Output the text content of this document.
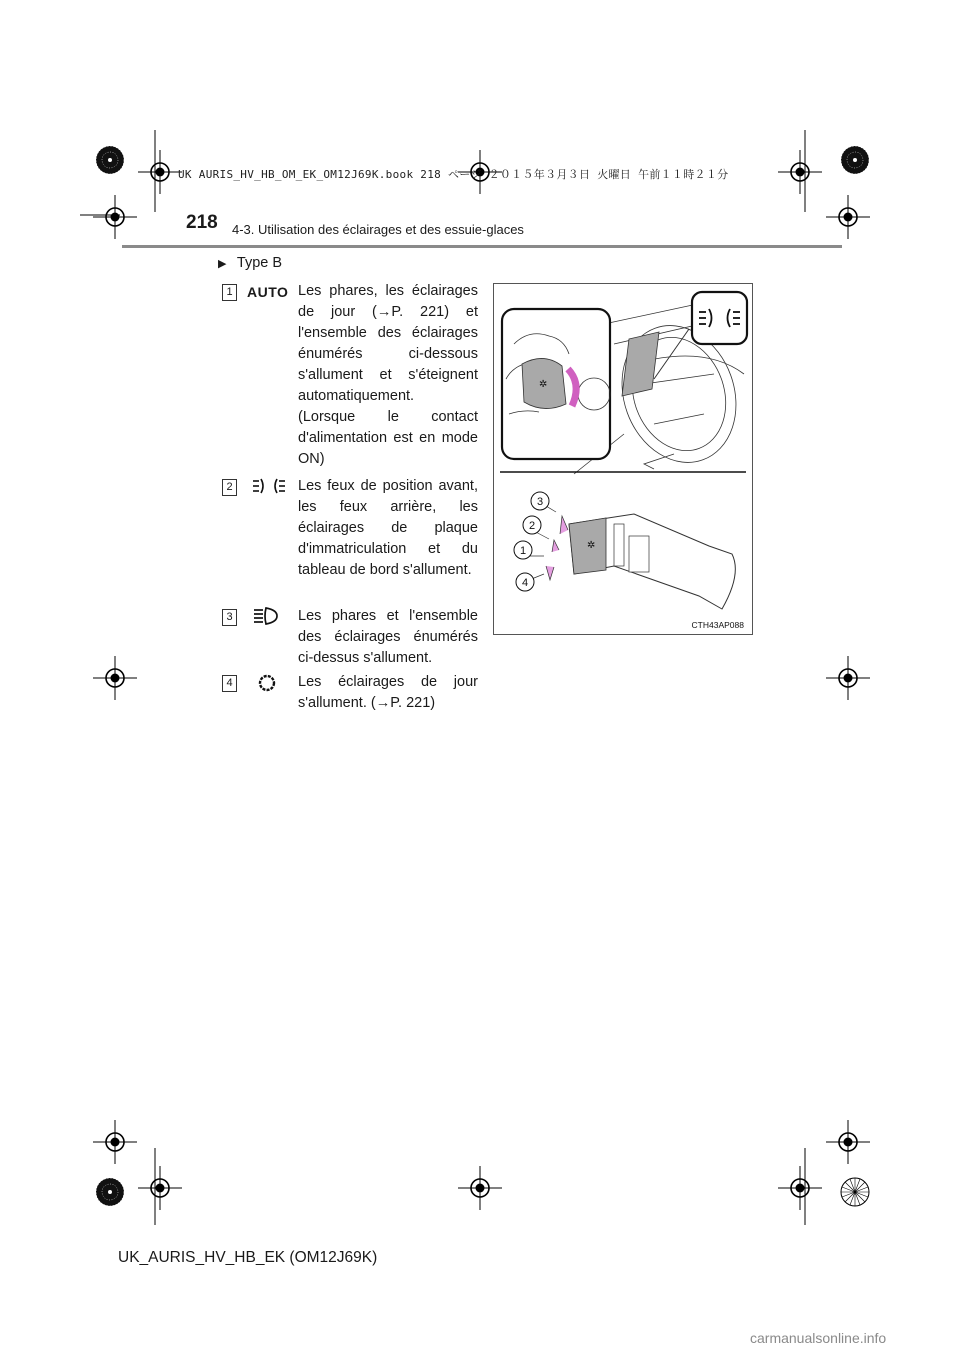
UK AURIS_HV_HB_OM_EK_OM12J69K.book 218 ページ ２０１５年３月３日 火曜日 午前１１時２１分
218 4-3. Utilisation des éclairages et des essuie-glaces
▶ Type B
1	AUTO Les phares, les éclairages de jour (→P. 221) et l'ensemble des éclairages énumérés ci-dessous s'allument et s'éteignent automatiquement.
(Lorsque le contact d'alimentation est en mode ON)
2	Les feux de position avant, les feux arrière, les éclairages de plaque d'immatriculation et du tableau de bord s'allument.
3	Les phares et l'ensemble des éclairages énumérés ci-dessus s'allument.
4	Les éclairages de jour s'allument. (→P. 221)
✲
✲
3
2
1
4
CTH43AP088
UK_AURIS_HV_HB_EK (OM12J69K)
carmanualsonline.info
